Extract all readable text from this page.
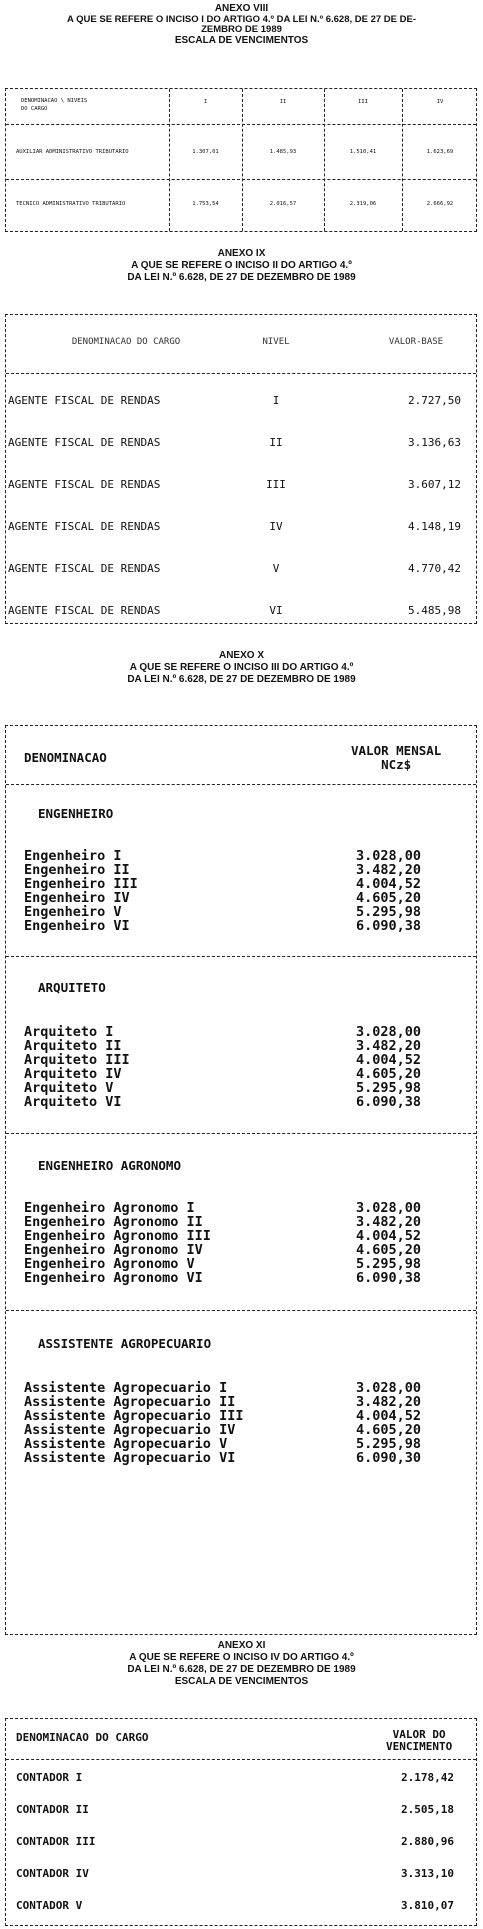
ANEXO VIII
A QUE SE REFERE O INCISO I DO ARTIGO 4.º DA LEI N.º 6.628, DE 27 DE DE-
ZEMBRO DE 1989
ESCALA DE VENCIMENTOS
DENOMINACAO \ NIVEIS
DO CARGO
I	II	III	IV
AUXILIAR ADMINISTRATIVO TRIBUTARIO	1.307,01	1.485,93	1.510,41	1.623,69
TECNICO ADMINISTRATIVO TRIBUTARIO	1.753,54	2.016,57	2.319,06	2.666,92
ANEXO IX
A QUE SE REFERE O INCISO II DO ARTIGO 4.º
DA LEI N.º 6.628, DE 27 DE DEZEMBRO DE 1989
DENOMINACAO DO CARGO	NIVEL	VALOR-BASE
AGENTE FISCAL DE RENDAS	I	2.727,50
AGENTE FISCAL DE RENDAS	II	3.136,63
AGENTE FISCAL DE RENDAS	III	3.607,12
AGENTE FISCAL DE RENDAS	IV	4.148,19
AGENTE FISCAL DE RENDAS	V	4.770,42
AGENTE FISCAL DE RENDAS	VI	5.485,98
ANEXO X
A QUE SE REFERE O INCISO III DO ARTIGO 4.º
DA LEI N.º 6.628, DE 27 DE DEZEMBRO DE 1989
DENOMINACAO	VALOR MENSAL
NCz$
ENGENHEIRO
Engenheiro I	3.028,00
Engenheiro II	3.482,20
Engenheiro III	4.004,52
Engenheiro IV	4.605,20
Engenheiro V	5.295,98
Engenheiro VI	6.090,38
ARQUITETO
Arquiteto I	3.028,00
Arquiteto II	3.482,20
Arquiteto III	4.004,52
Arquiteto IV	4.605,20
Arquiteto V	5.295,98
Arquiteto VI	6.090,38
ENGENHEIRO AGRONOMO
Engenheiro Agronomo I	3.028,00
Engenheiro Agronomo II	3.482,20
Engenheiro Agronomo III	4.004,52
Engenheiro Agronomo IV	4.605,20
Engenheiro Agronomo V	5.295,98
Engenheiro Agronomo VI	6.090,38
ASSISTENTE AGROPECUARIO
Assistente Agropecuario I	3.028,00
Assistente Agropecuario II	3.482,20
Assistente Agropecuario III	4.004,52
Assistente Agropecuario IV	4.605,20
Assistente Agropecuario V	5.295,98
Assistente Agropecuario VI	6.090,30
ANEXO XI
A QUE SE REFERE O INCISO IV DO ARTIGO 4.º
DA LEI N.º 6.628, DE 27 DE DEZEMBRO DE 1989
ESCALA DE VENCIMENTOS
DENOMINACAO DO CARGO	VALOR DO
VENCIMENTO
CONTADOR I	2.178,42
CONTADOR II	2.505,18
CONTADOR III	2.880,96
CONTADOR IV	3.313,10
CONTADOR V	3.810,07
